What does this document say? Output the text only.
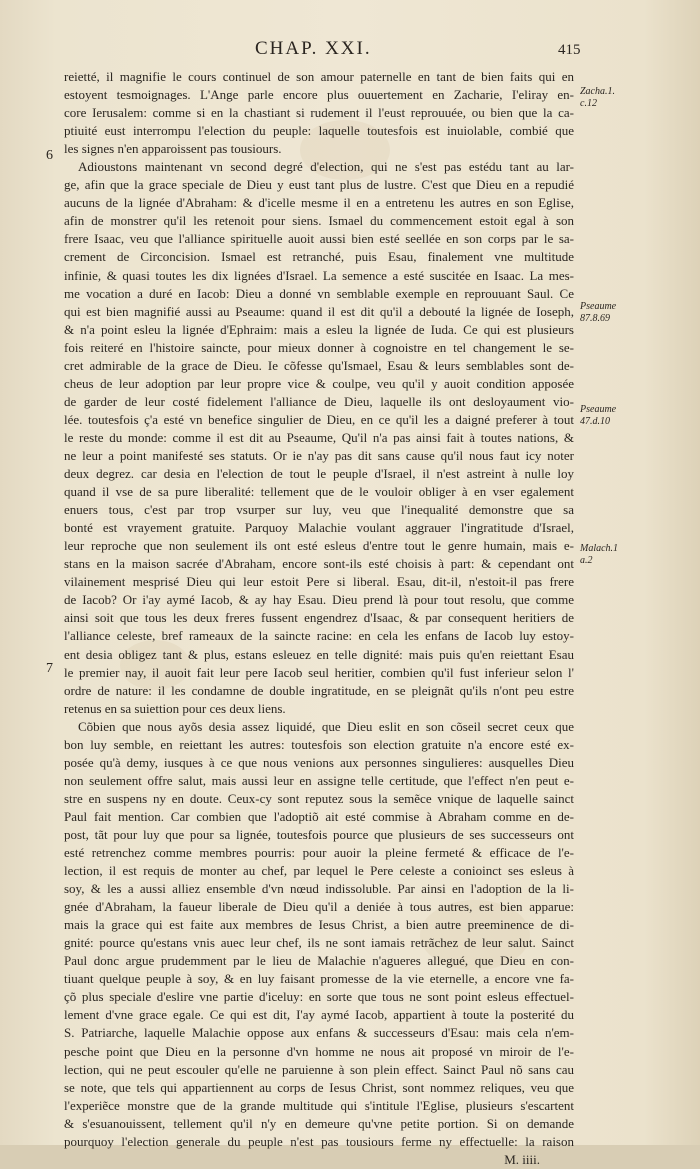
CHAP. XXI.	415
6
7
Zacha.1.
c.12
Pseaume
87.8.69
Pseaume
47.d.10
Malach.1
a.2
reietté, il magnifie le cours continuel de son amour paternelle en tant de bien faits qui en
estoyent tesmoignages. L'Ange parle encore plus ouuertement en Zacharie, I'eliray en-
core Ierusalem: comme si en la chastiant si rudement il l'eust reprouuée, ou bien que la ca-
ptiuité eust interrompu l'election du peuple: laquelle toutesfois est inuiolable, combié que
les signes n'en apparoissent pas tousiours.
Adioustons maintenant vn second degré d'election, qui ne s'est pas estédu tant au lar-
ge, afin que la grace speciale de Dieu y eust tant plus de lustre. C'est que Dieu en a repudié
aucuns de la lignée d'Abraham: & d'icelle mesme il en a entretenu les autres en son Eglise,
afin de monstrer qu'il les retenoit pour siens. Ismael du commencement estoit egal à son
frere Isaac, veu que l'alliance spirituelle auoit aussi bien esté seellée en son corps par le sa-
crement de Circoncision. Ismael est retranché, puis Esau, finalement vne multitude
infinie, & quasi toutes les dix lignées d'Israel. La semence a esté suscitée en Isaac. La mes-
me vocation a duré en Iacob: Dieu a donné vn semblable exemple en reprouuant Saul. Ce
qui est bien magnifié aussi au Pseaume: quand il est dit qu'il a debouté la lignée de Ioseph,
& n'a point esleu la lignée d'Ephraim: mais a esleu la lignée de Iuda. Ce qui est plusieurs
fois reiteré en l'histoire saincte, pour mieux donner à cognoistre en tel changement le se-
cret admirable de la grace de Dieu. Ie cõfesse qu'Ismael, Esau & leurs semblables sont de-
cheus de leur adoption par leur propre vice & coulpe, veu qu'il y auoit condition apposée
de garder de leur costé fidelement l'alliance de Dieu, laquelle ils ont desloyaument vio-
lée. toutesfois ç'a esté vn benefice singulier de Dieu, en ce qu'il les a daigné preferer à tout
le reste du monde: comme il est dit au Pseaume, Qu'il n'a pas ainsi fait à toutes nations, &
ne leur a point manifesté ses statuts. Or ie n'ay pas dit sans cause qu'il nous faut icy noter
deux degrez. car desia en l'election de tout le peuple d'Israel, il n'est astreint à nulle loy
quand il vse de sa pure liberalité: tellement que de le vouloir obliger à en vser egalement
enuers tous, c'est par trop vsurper sur luy, veu que l'inequalité demonstre que sa
bonté est vrayement gratuite. Parquoy Malachie voulant aggrauer l'ingratitude d'Israel,
leur reproche que non seulement ils ont esté esleus d'entre tout le genre humain, mais e-
stans en la maison sacrée d'Abraham, encore sont-ils esté choisis à part: & cependant ont
vilainement mesprisé Dieu qui leur estoit Pere si liberal. Esau, dit-il, n'estoit-il pas frere
de Iacob? Or i'ay aymé Iacob, & ay hay Esau. Dieu prend là pour tout resolu, que comme
ainsi soit que tous les deux freres fussent engendrez d'Isaac, & par consequent heritiers de
l'alliance celeste, bref rameaux de la saincte racine: en cela les enfans de Iacob luy estoy-
ent desia obligez tant & plus, estans esleuez en telle dignité: mais puis qu'en reiettant Esau
le premier nay, il auoit fait leur pere Iacob seul heritier, combien qu'il fust inferieur selon l'
ordre de nature: il les condamne de double ingratitude, en se pleignãt qu'ils n'ont peu estre
retenus en sa suiettion pour ces deux liens.
Cõbien que nous ayõs desia assez liquidé, que Dieu eslit en son cõseil secret ceux que
bon luy semble, en reiettant les autres: toutesfois son election gratuite n'a encore esté ex-
posée qu'à demy, iusques à ce que nous venions aux personnes singulieres: ausquelles Dieu
non seulement offre salut, mais aussi leur en assigne telle certitude, que l'effect n'en peut e-
stre en suspens ny en doute. Ceux-cy sont reputez sous la semẽce vnique de laquelle sainct
Paul fait mention. Car combien que l'adoptiõ ait esté commise à Abraham comme en de-
post, tãt pour luy que pour sa lignée, toutesfois pource que plusieurs de ses successeurs ont
esté retrenchez comme membres pourris: pour auoir la pleine fermeté & efficace de l'e-
lection, il est requis de monter au chef, par lequel le Pere celeste a conioinct ses esleus à
soy, & les a aussi alliez ensemble d'vn nœud indissoluble. Par ainsi en l'adoption de la li-
gnée d'Abraham, la faueur liberale de Dieu qu'il a deniée à tous autres, est bien apparue:
mais la grace qui est faite aux membres de Iesus Christ, a bien autre preeminence de di-
gnité: pource qu'estans vnis auec leur chef, ils ne sont iamais retrãchez de leur salut. Sainct
Paul donc argue prudemment par le lieu de Malachie n'agueres allegué, que Dieu en con-
tiuant quelque peuple à soy, & en luy faisant promesse de la vie eternelle, a encore vne fa-
çõ plus speciale d'eslire vne partie d'iceluy: en sorte que tous ne sont point esleus effectuel-
lement d'vne grace egale. Ce qui est dit, I'ay aymé Iacob, appartient à toute la posterité du
S. Patriarche, laquelle Malachie oppose aux enfans & successeurs d'Esau: mais cela n'em-
pesche point que Dieu en la personne d'vn homme ne nous ait proposé vn miroir de l'e-
lection, qui ne peut escouler qu'elle ne paruienne à son plein effect. Sainct Paul nõ sans cau
se note, que tels qui appartiennent au corps de Iesus Christ, sont nommez reliques, veu que
l'experiẽce monstre que de la grande multitude qui s'intitule l'Eglise, plusieurs s'escartent
& s'esuanouissent, tellement qu'il n'y en demeure qu'vne petite portion. Si on demande
pourquoy l'election generale du peuple n'est pas tousiours ferme ny effectuelle: la raison
M. iiii.
